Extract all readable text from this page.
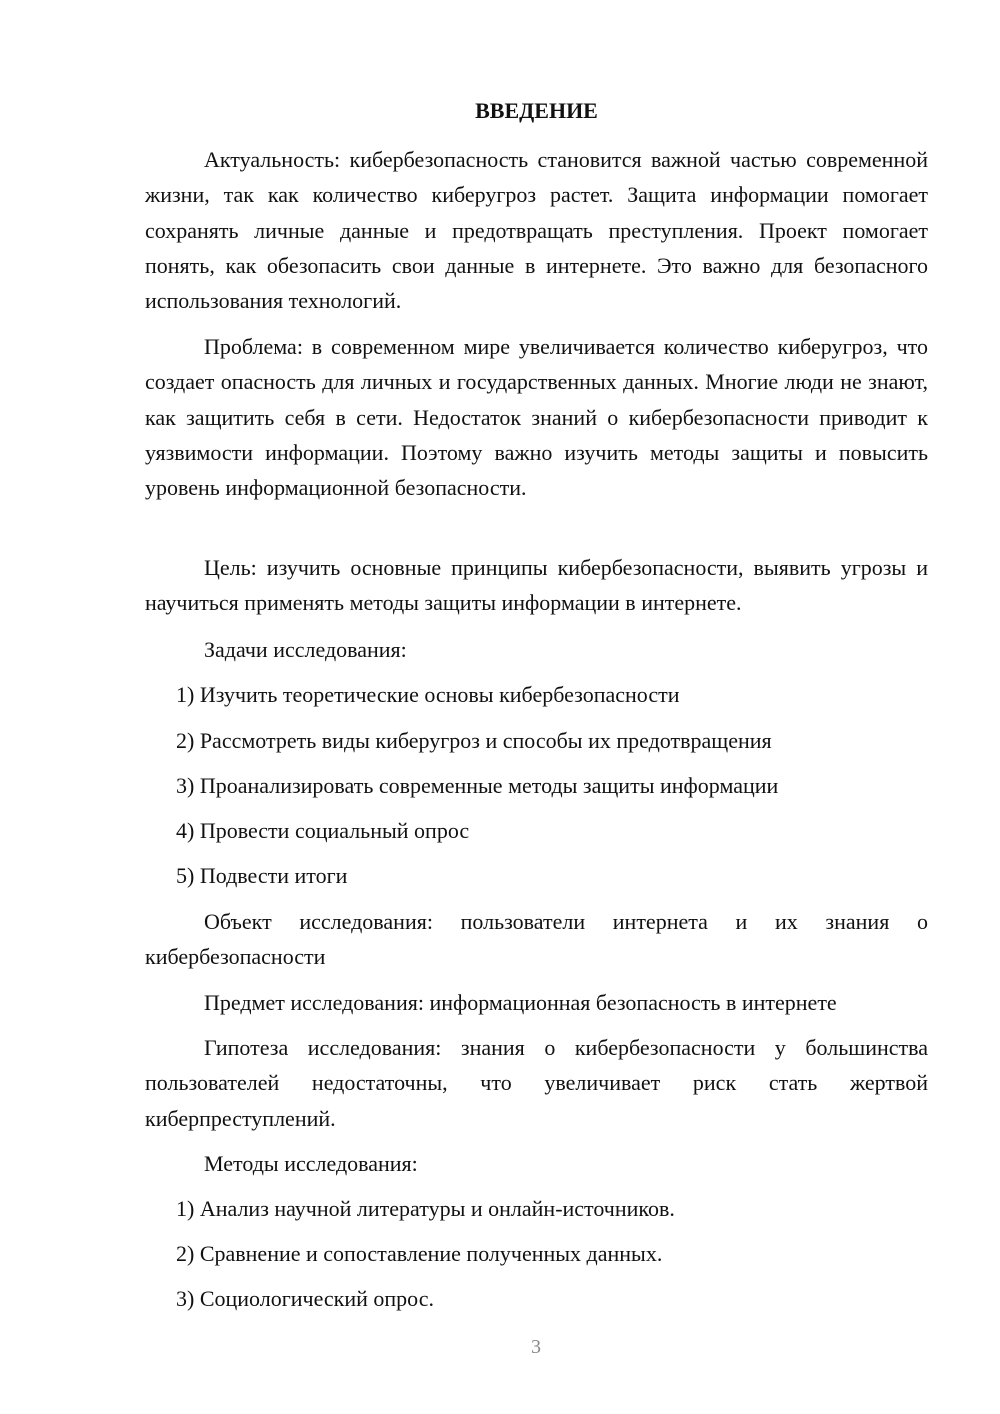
ВВЕДЕНИЕ

Актуальность: кибербезопасность становится важной частью современной жизни, так как количество киберугроз растет. Защита информации помогает сохранять личные данные и предотвращать преступления. Проект помогает понять, как обезопасить свои данные в интернете. Это важно для безопасного использования технологий.

Проблема: в современном мире увеличивается количество киберугроз, что создает опасность для личных и государственных данных. Многие люди не знают, как защитить себя в сети. Недостаток знаний о кибербезопасности приводит к уязвимости информации. Поэтому важно изучить методы защиты и повысить уровень информационной безопасности.

Цель: изучить основные принципы кибербезопасности, выявить угрозы и научиться применять методы защиты информации в интернете.

Задачи исследования:
1) Изучить теоретические основы кибербезопасности
2) Рассмотреть виды киберугроз и способы их предотвращения
3) Проанализировать современные методы защиты информации
4) Провести социальный опрос
5) Подвести итоги

Объект исследования: пользователи интернета и их знания о кибербезопасности

Предмет исследования: информационная безопасность в интернете

Гипотеза исследования: знания о кибербезопасности у большинства пользователей недостаточны, что увеличивает риск стать жертвой киберпреступлений.

Методы исследования:
1) Анализ научной литературы и онлайн-источников.
2) Сравнение и сопоставление полученных данных.
3) Социологический опрос.
3
